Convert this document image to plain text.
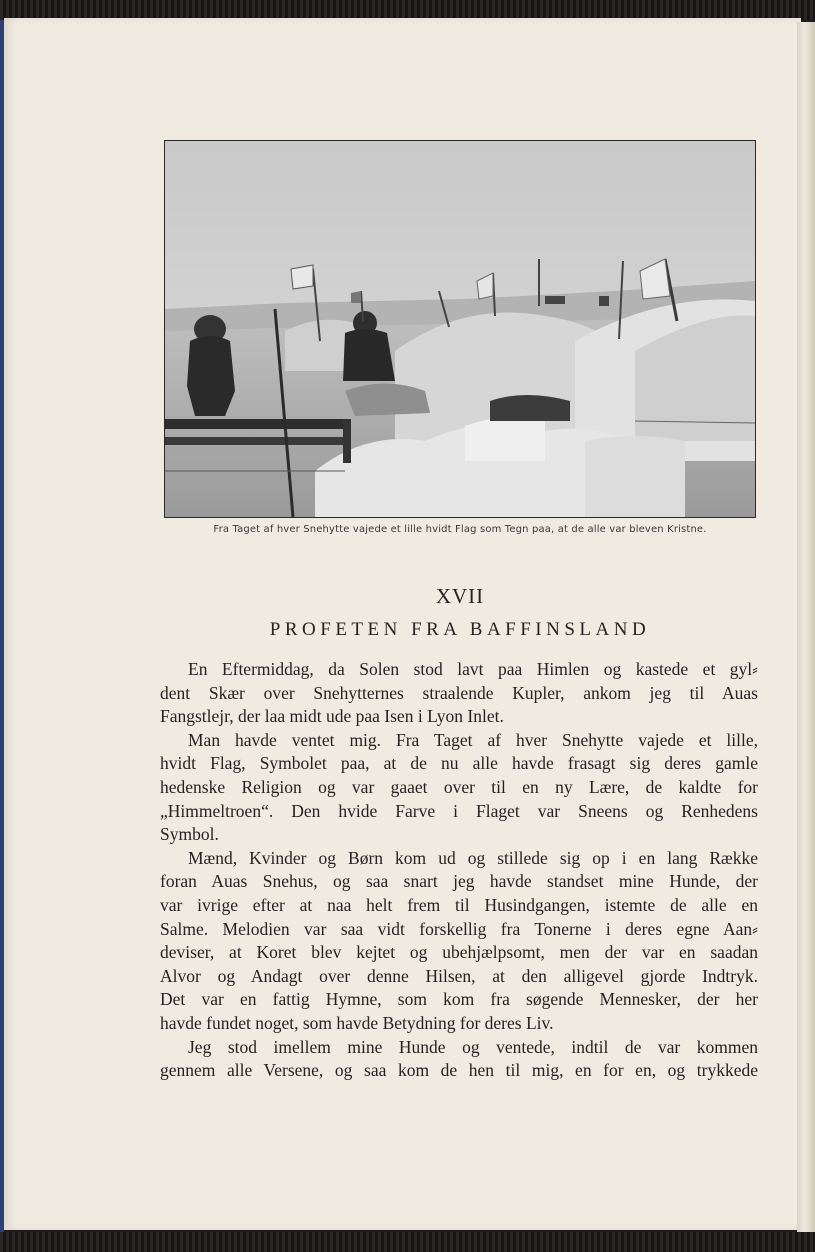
Fra Taget af hver Snehytte vajede et lille hvidt Flag som Tegn paa, at de alle var bleven Kristne.
XVII
PROFETEN FRA BAFFINSLAND
En Eftermiddag, da Solen stod lavt paa Himlen og kastede et gyl⸗
dent Skær over Snehytternes straalende Kupler, ankom jeg til Auas
Fangstlejr, der laa midt ude paa Isen i Lyon Inlet.
Man havde ventet mig. Fra Taget af hver Snehytte vajede et lille,
hvidt Flag, Symbolet paa, at de nu alle havde frasagt sig deres gamle
hedenske Religion og var gaaet over til en ny Lære, de kaldte for
„Himmeltroen“. Den hvide Farve i Flaget var Sneens og Renhedens
Symbol.
Mænd, Kvinder og Børn kom ud og stillede sig op i en lang Række
foran Auas Snehus, og saa snart jeg havde standset mine Hunde, der
var ivrige efter at naa helt frem til Husindgangen, istemte de alle en
Salme. Melodien var saa vidt forskellig fra Tonerne i deres egne Aan⸗
deviser, at Koret blev kejtet og ubehjælpsomt, men der var en saadan
Alvor og Andagt over denne Hilsen, at den alligevel gjorde Indtryk.
Det var en fattig Hymne, som kom fra søgende Mennesker, der her
havde fundet noget, som havde Betydning for deres Liv.
Jeg stod imellem mine Hunde og ventede, indtil de var kommen
gennem alle Versene, og saa kom de hen til mig, en for en, og trykkede
